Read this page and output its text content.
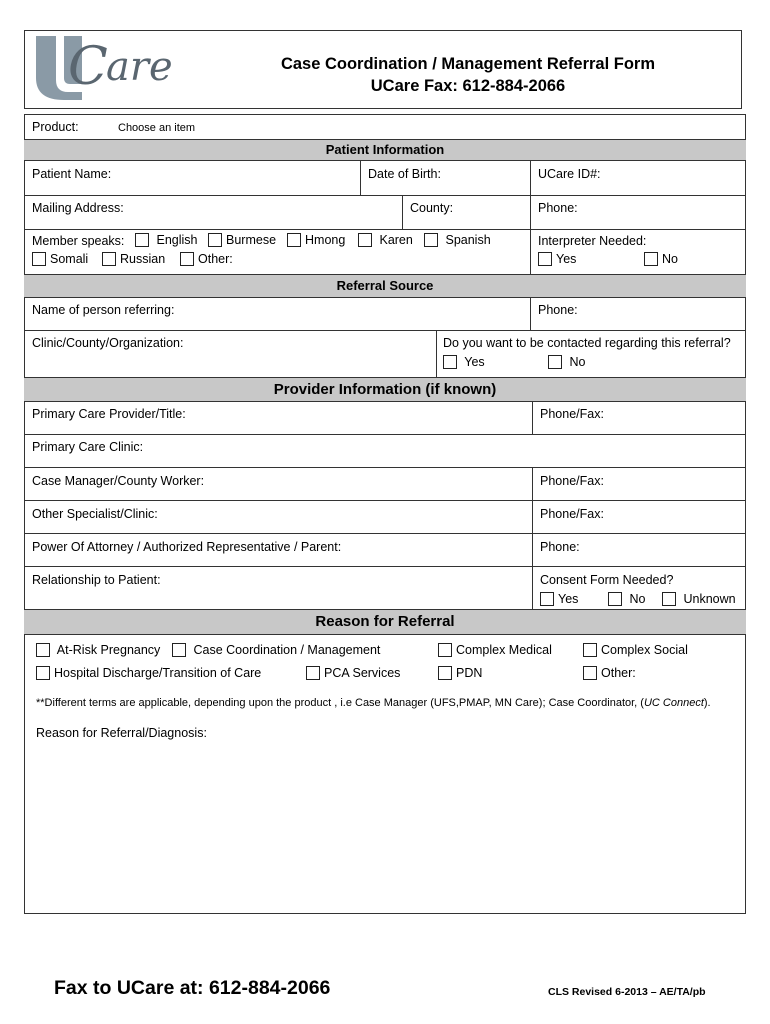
C
are	Case Coordination / Management Referral Form
UCare Fax: 612-884-2066
Product:	Choose an item
Patient Information
Patient Name:	Date of Birth:	UCare ID#:
Mailing Address:	County:	Phone:
Member speaks:	English	Burmese	Hmong	Karen	Spanish
Somali	Russian	Other:
Interpreter Needed:
Yes	No
Referral Source
Name of person referring:	Phone:
Clinic/County/Organization:	Do you want to be contacted regarding this referral?
Yes	No
Provider Information (if known)
Primary Care Provider/Title:	Phone/Fax:
Primary Care Clinic:
Case Manager/County Worker:	Phone/Fax:
Other Specialist/Clinic:	Phone/Fax:
Power Of Attorney / Authorized Representative / Parent:	Phone:
Relationship to Patient:	Consent Form Needed?
Yes	No	Unknown
Reason for Referral
At-Risk Pregnancy	Case Coordination / Management	Complex Medical	Complex Social
Hospital Discharge/Transition of Care	PCA Services	PDN	Other:
**Different terms are applicable, depending upon the product , i.e Case Manager (UFS,PMAP, MN Care); Case Coordinator, (UC Connect).
Reason for Referral/Diagnosis:
Fax to UCare at: 612-884-2066	CLS Revised 6-2013 – AE/TA/pb
